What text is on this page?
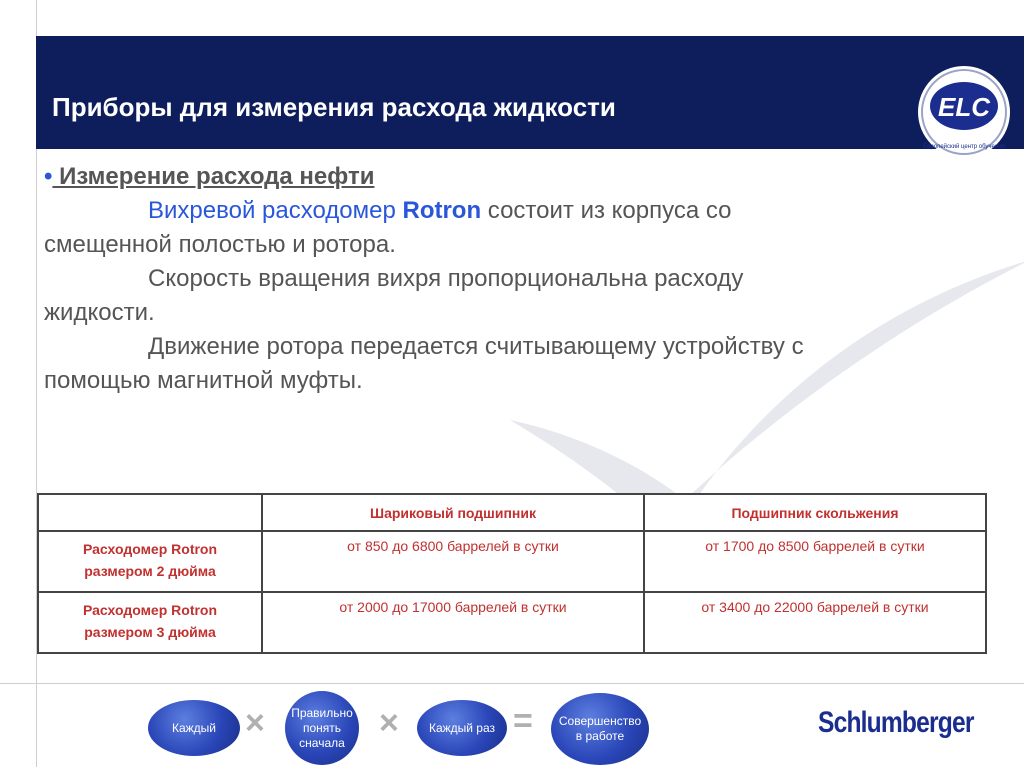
Приборы для измерения расхода жидкости	ELC
Европейский центр обучения

• Измерение расхода нефти

Вихревой расходомер Rotron состоит из корпуса со

смещенной полостью и ротора.

Скорость вращения вихря пропорциональна расходу

жидкости.

Движение ротора передается считывающему устройству с

помощью магнитной муфты.

	Шариковый подшипник	Подшипник скольжения
Расходомер Rotron
размером 2 дюйма	от 850 до 6800 баррелей в сутки	от 1700 до 8500 баррелей в сутки
Расходомер Rotron
размером 3 дюйма	от 2000 до 17000 баррелей в сутки	от 3400 до 22000 баррелей в сутки
Каждый × Правильно
понять
сначала
×	Каждый раз = Совершенство
в работе	Schlumberger
